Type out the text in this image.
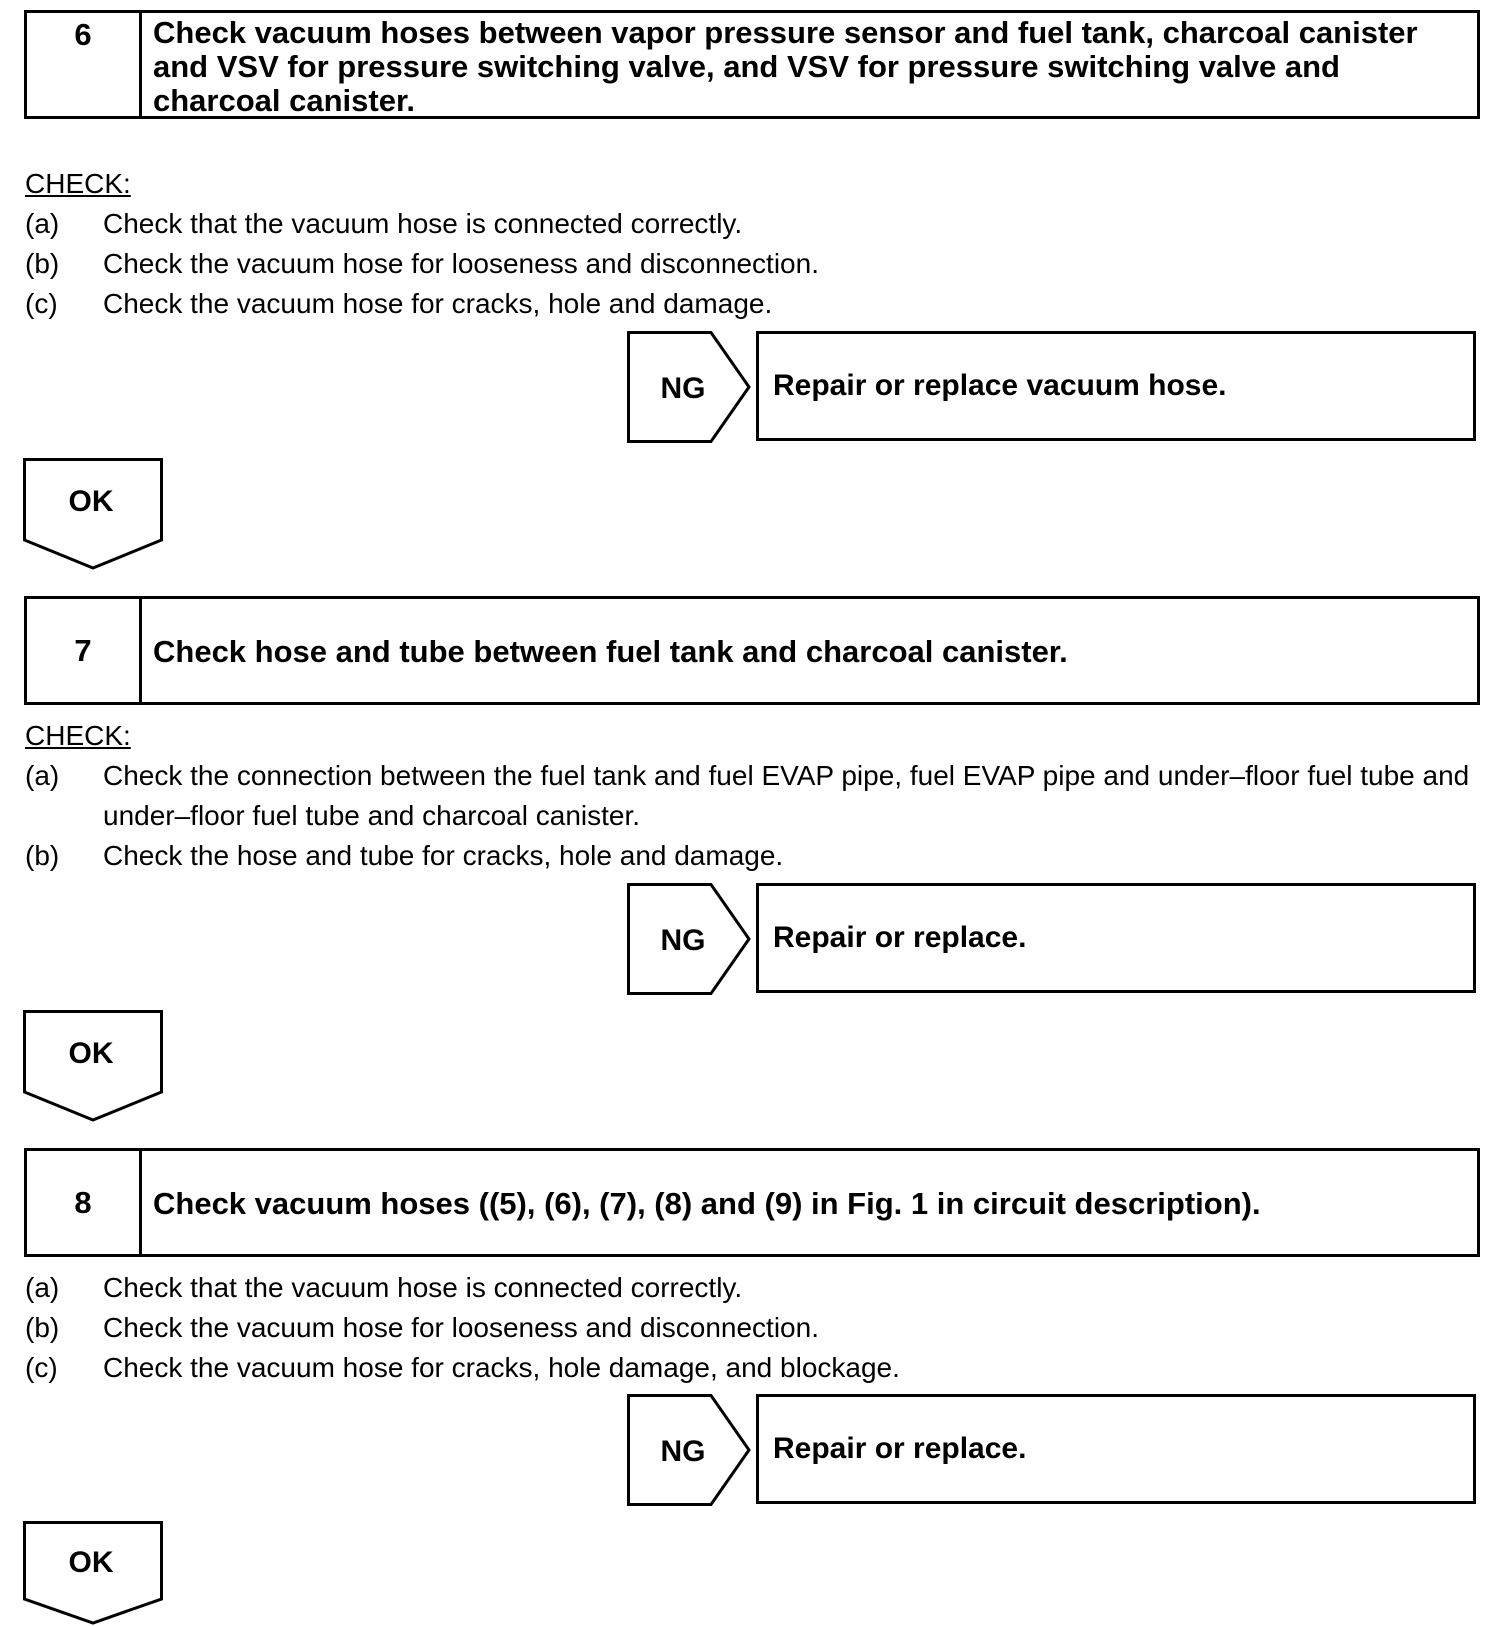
6	Check vacuum hoses between vapor pressure sensor and fuel tank, charcoal canister and VSV for pressure switching valve, and VSV for pressure switching valve and charcoal canister.
CHECK:
(a) Check that the vacuum hose is connected correctly.
(b) Check the vacuum hose for looseness and disconnection.
(c) Check the vacuum hose for cracks, hole and damage.
NG	Repair or replace vacuum hose.
OK
7	Check hose and tube between fuel tank and charcoal canister.
CHECK:
(a)	Check the connection between the fuel tank and fuel EVAP pipe, fuel EVAP pipe and under–floor fuel tube and under–floor fuel tube and charcoal canister.
(b) Check the hose and tube for cracks, hole and damage.
NG	Repair or replace.
OK
8	Check vacuum hoses ((5), (6), (7), (8) and (9) in Fig. 1 in circuit description).
(a) Check that the vacuum hose is connected correctly.
(b) Check the vacuum hose for looseness and disconnection.
(c) Check the vacuum hose for cracks, hole damage, and blockage.
NG	Repair or replace.
OK
